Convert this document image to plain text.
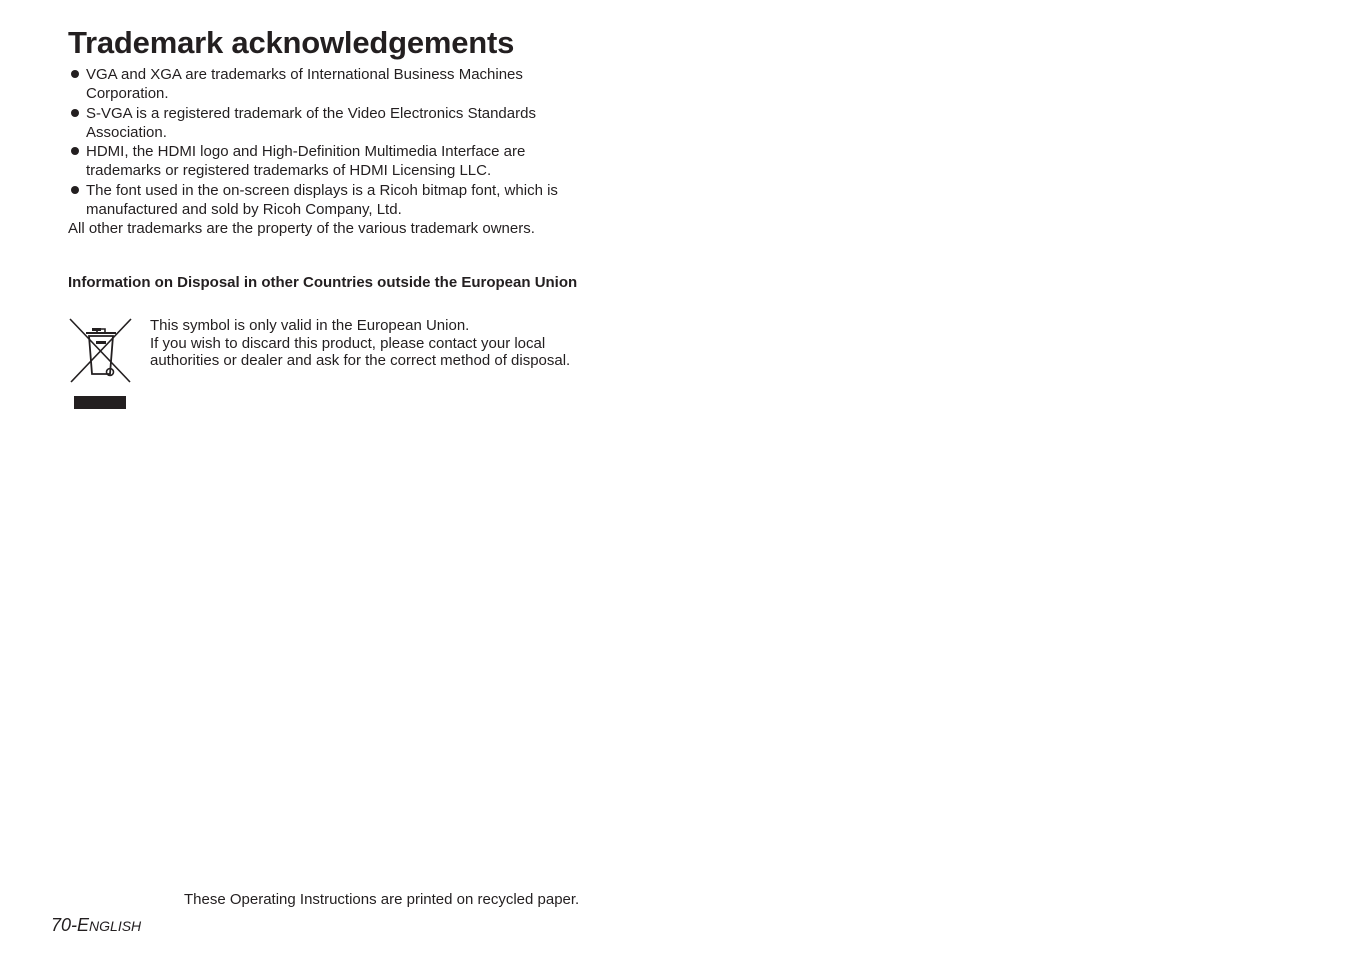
Trademark acknowledgements
VGA and XGA are trademarks of International Business Machines
Corporation.
S-VGA is a registered trademark of the Video Electronics Standards
Association.
HDMI, the HDMI logo and High-Definition Multimedia Interface are
trademarks or registered trademarks of HDMI Licensing LLC.
The font used in the on-screen displays is a Ricoh bitmap font, which is
manufactured and sold by Ricoh Company, Ltd.

All other trademarks are the property of the various trademark owners.

Information on Disposal in other Countries outside the European Union

This symbol is only valid in the European Union.
If you wish to discard this product, please contact your local
authorities or dealer and ask for the correct method of disposal.

These Operating Instructions are printed on recycled paper.

70-ENGLISH
